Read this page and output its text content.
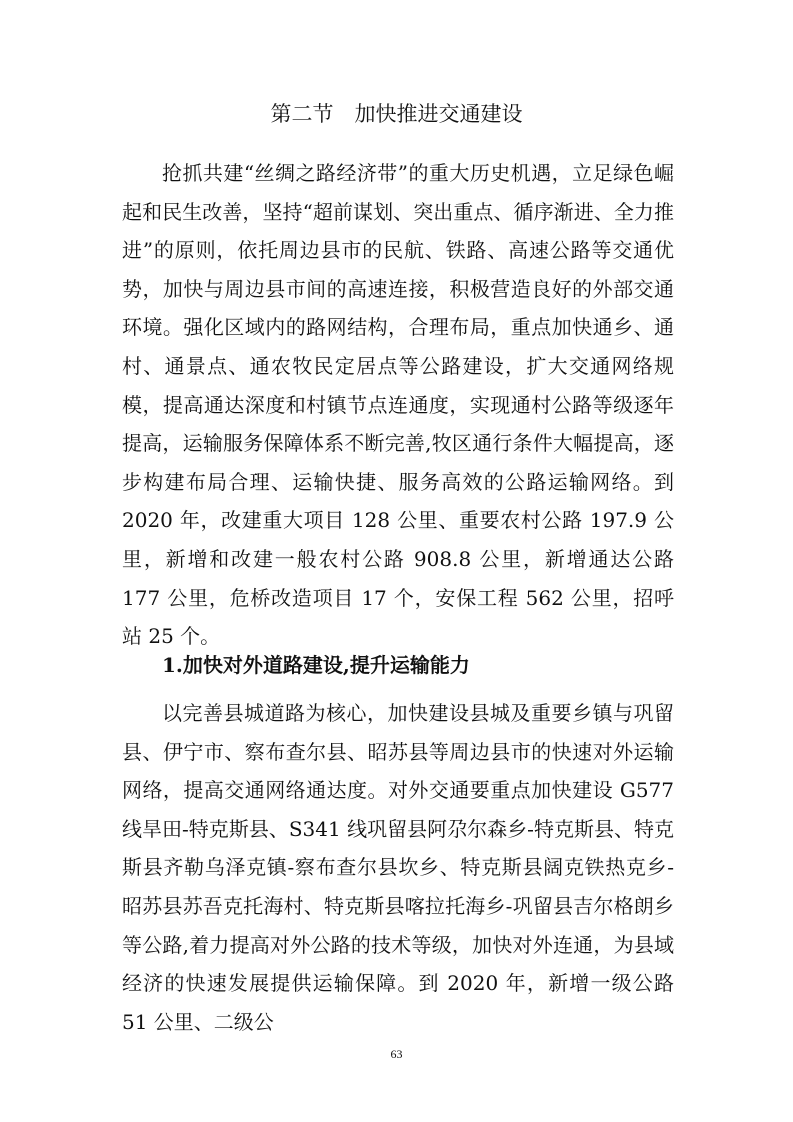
第二节　加快推进交通建设

抢抓共建“丝绸之路经济带”的重大历史机遇，立足绿色崛起和民生改善，坚持“超前谋划、突出重点、循序渐进、全力推进”的原则，依托周边县市的民航、铁路、高速公路等交通优势，加快与周边县市间的高速连接，积极营造良好的外部交通环境。强化区域内的路网结构，合理布局，重点加快通乡、通村、通景点、通农牧民定居点等公路建设，扩大交通网络规模，提高通达深度和村镇节点连通度，实现通村公路等级逐年提高，运输服务保障体系不断完善,牧区通行条件大幅提高，逐步构建布局合理、运输快捷、服务高效的公路运输网络。到 2020 年，改建重大项目 128 公里、重要农村公路 197.9 公里，新增和改建一般农村公路 908.8 公里，新增通达公路 177 公里，危桥改造项目 17 个，安保工程 562 公里，招呼站 25 个。

1.加快对外道路建设,提升运输能力

以完善县城道路为核心，加快建设县城及重要乡镇与巩留县、伊宁市、察布查尔县、昭苏县等周边县市的快速对外运输网络，提高交通网络通达度。对外交通要重点加快建设 G577 线旱田-特克斯县、S341 线巩留县阿尕尔森乡-特克斯县、特克斯县齐勒乌泽克镇-察布查尔县坎乡、特克斯县阔克铁热克乡-昭苏县苏吾克托海村、特克斯县喀拉托海乡-巩留县吉尔格朗乡等公路,着力提高对外公路的技术等级，加快对外连通，为县域经济的快速发展提供运输保障。到 2020 年，新增一级公路 51 公里、二级公

63
